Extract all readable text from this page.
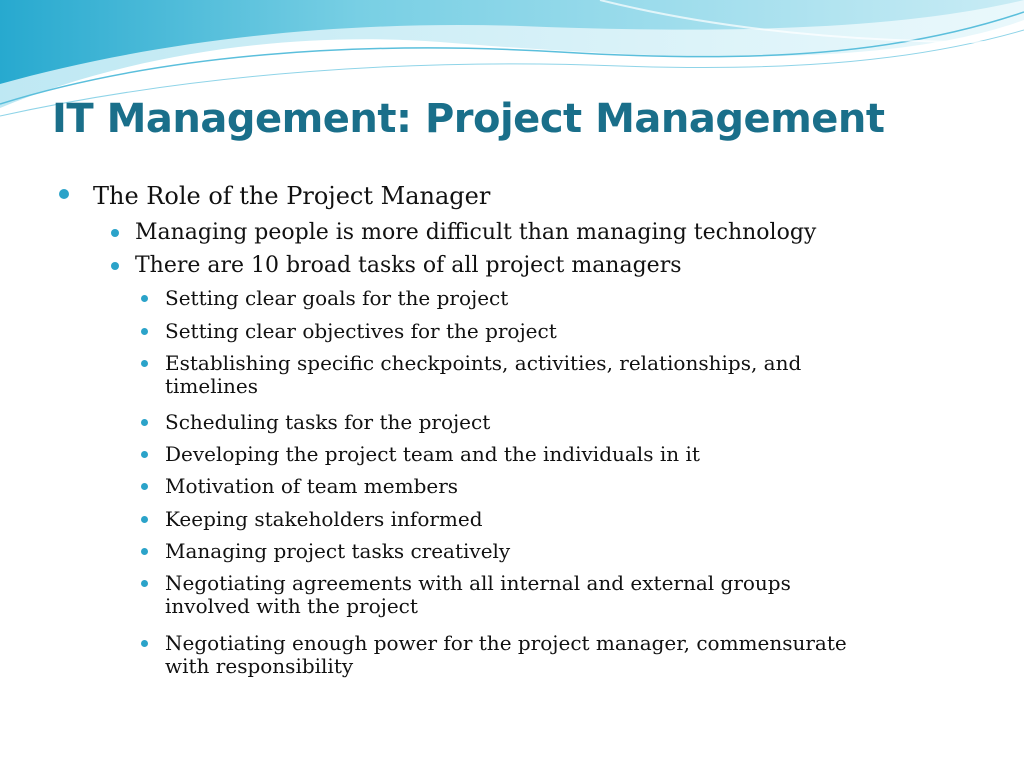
IT Management: Project Management
The Role of the Project Manager
Managing people is more difficult than managing technology
There are 10 broad tasks of all project managers
Setting clear goals for the project
Setting clear objectives for the project
Establishing specific checkpoints, activities, relationships, and
timelines
Scheduling tasks for the project
Developing the project team and the individuals in it
Motivation of team members
Keeping stakeholders informed
Managing project tasks creatively
Negotiating agreements with all internal and external groups
involved with the project
Negotiating enough power for the project manager, commensurate
with responsibility
